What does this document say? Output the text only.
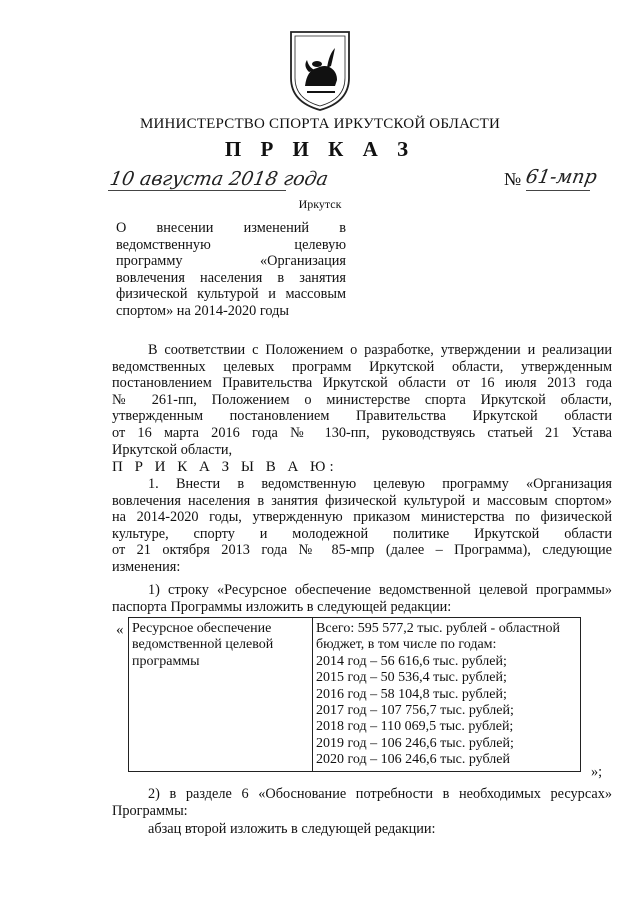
МИНИСТЕРСТВО СПОРТА ИРКУТСКОЙ ОБЛАСТИ
П Р И К А З
10 августа 2018 года	№ 61-мпр
Иркутск

О внесении изменений в

ведомственную целевую

программу «Организация

вовлечения населения в занятия

физической культурой и массовым

спортом» на 2014-2020 годы

В соответствии с Положением о разработке, утверждении и реализации
ведомственных целевых программ Иркутской области, утвержденным
постановлением Правительства Иркутской области от 16 июля 2013 года
№ 261-пп, Положением о министерстве спорта Иркутской области,
утвержденным постановлением Правительства Иркутской области
от 16 марта 2016 года № 130-пп, руководствуясь статьей 21 Устава
Иркутской области,
П Р И К А З Ы В А Ю:
1. Внести в ведомственную целевую программу «Организация
вовлечения населения в занятия физической культурой и массовым спортом»
на 2014-2020 годы, утвержденную приказом министерства по физической
культуре, спорту и молодежной политике Иркутской области
от 21 октября 2013 года № 85-мпр (далее – Программа), следующие
изменения:
1) строку «Ресурсное обеспечение ведомственной целевой программы»
паспорта Программы изложить в следующей редакции:
« Ресурсное обеспечение
ведомственной целевой
программы

Всего: 595 577,2 тыс. рублей - областной
бюджет, в том числе по годам:
2014 год – 56 616,6 тыс. рублей;
2015 год – 50 536,4 тыс. рублей;
2016 год – 58 104,8 тыс. рублей;
2017 год – 107 756,7 тыс. рублей;
2018 год – 110 069,5 тыс. рублей;
2019 год – 106 246,6 тыс. рублей;
2020 год – 106 246,6 тыс. рублей
»;
2) в разделе 6 «Обоснование потребности в необходимых ресурсах»
Программы:
абзац второй изложить в следующей редакции:
